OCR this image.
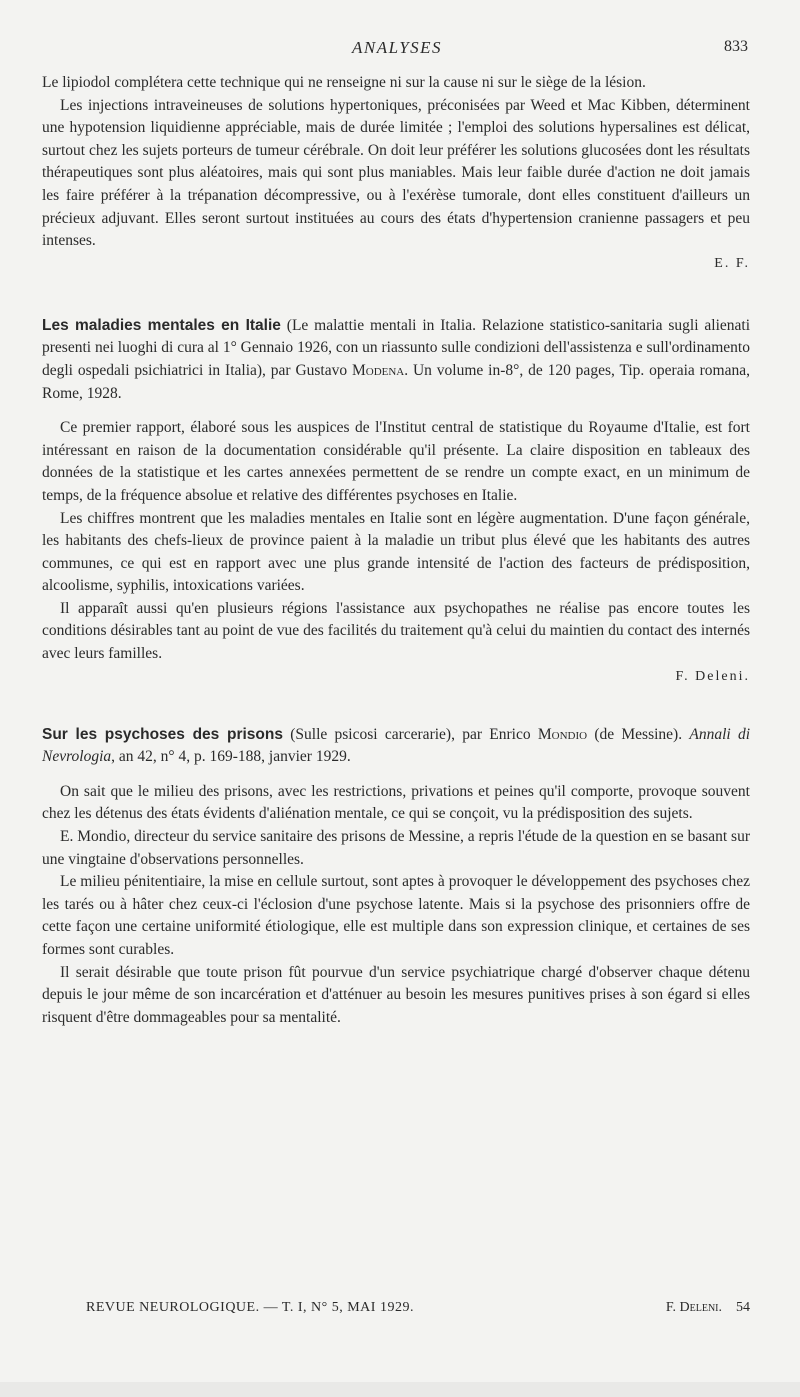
ANALYSES	833

Le lipiodol complétera cette technique qui ne renseigne ni sur la cause ni sur le siège de la lésion.

Les injections intraveineuses de solutions hypertoniques, préconisées par Weed et Mac Kibben, déterminent une hypotension liquidienne appréciable, mais de durée limitée ; l'emploi des solutions hypersalines est délicat, surtout chez les sujets porteurs de tumeur cérébrale. On doit leur préférer les solutions glucosées dont les résultats thérapeutiques sont plus aléatoires, mais qui sont plus maniables. Mais leur faible durée d'action ne doit jamais les faire préférer à la trépanation décompressive, ou à l'exérèse tumorale, dont elles constituent d'ailleurs un précieux adjuvant. Elles seront surtout instituées au cours des états d'hypertension cranienne passagers et peu intenses.

E. F.

Les maladies mentales en Italie (Le malattie mentali in Italia. Relazione statistico-sanitaria sugli alienati presenti nei luoghi di cura al 1° Gennaio 1926, con un riassunto sulle condizioni dell'assistenza e sull'ordinamento degli ospedali psichiatrici in Italia), par Gustavo Modena. Un volume in-8°, de 120 pages, Tip. operaia romana, Rome, 1928.

Ce premier rapport, élaboré sous les auspices de l'Institut central de statistique du Royaume d'Italie, est fort intéressant en raison de la documentation considérable qu'il présente. La claire disposition en tableaux des données de la statistique et les cartes annexées permettent de se rendre un compte exact, en un minimum de temps, de la fréquence absolue et relative des différentes psychoses en Italie.

Les chiffres montrent que les maladies mentales en Italie sont en légère augmentation. D'une façon générale, les habitants des chefs-lieux de province paient à la maladie un tribut plus élevé que les habitants des autres communes, ce qui est en rapport avec une plus grande intensité de l'action des facteurs de prédisposition, alcoolisme, syphilis, intoxications variées.

Il apparaît aussi qu'en plusieurs régions l'assistance aux psychopathes ne réalise pas encore toutes les conditions désirables tant au point de vue des facilités du traitement qu'à celui du maintien du contact des internés avec leurs familles.

F. Deleni.

Sur les psychoses des prisons (Sulle psicosi carcerarie), par Enrico Mondio (de Messine). Annali di Nevrologia, an 42, n° 4, p. 169-188, janvier 1929.

On sait que le milieu des prisons, avec les restrictions, privations et peines qu'il comporte, provoque souvent chez les détenus des états évidents d'aliénation mentale, ce qui se conçoit, vu la prédisposition des sujets.

E. Mondio, directeur du service sanitaire des prisons de Messine, a repris l'étude de la question en se basant sur une vingtaine d'observations personnelles.

Le milieu pénitentiaire, la mise en cellule surtout, sont aptes à provoquer le développement des psychoses chez les tarés ou à hâter chez ceux-ci l'éclosion d'une psychose latente. Mais si la psychose des prisonniers offre de cette façon une certaine uniformité étiologique, elle est multiple dans son expression clinique, et certaines de ses formes sont curables.

Il serait désirable que toute prison fût pourvue d'un service psychiatrique chargé d'observer chaque détenu depuis le jour même de son incarcération et d'atténuer au besoin les mesures punitives prises à son égard si elles risquent d'être dommageables pour sa mentalité.

REVUE NEUROLOGIQUE. — T. I, N° 5, MAI 1929.	F. Deleni. 54
